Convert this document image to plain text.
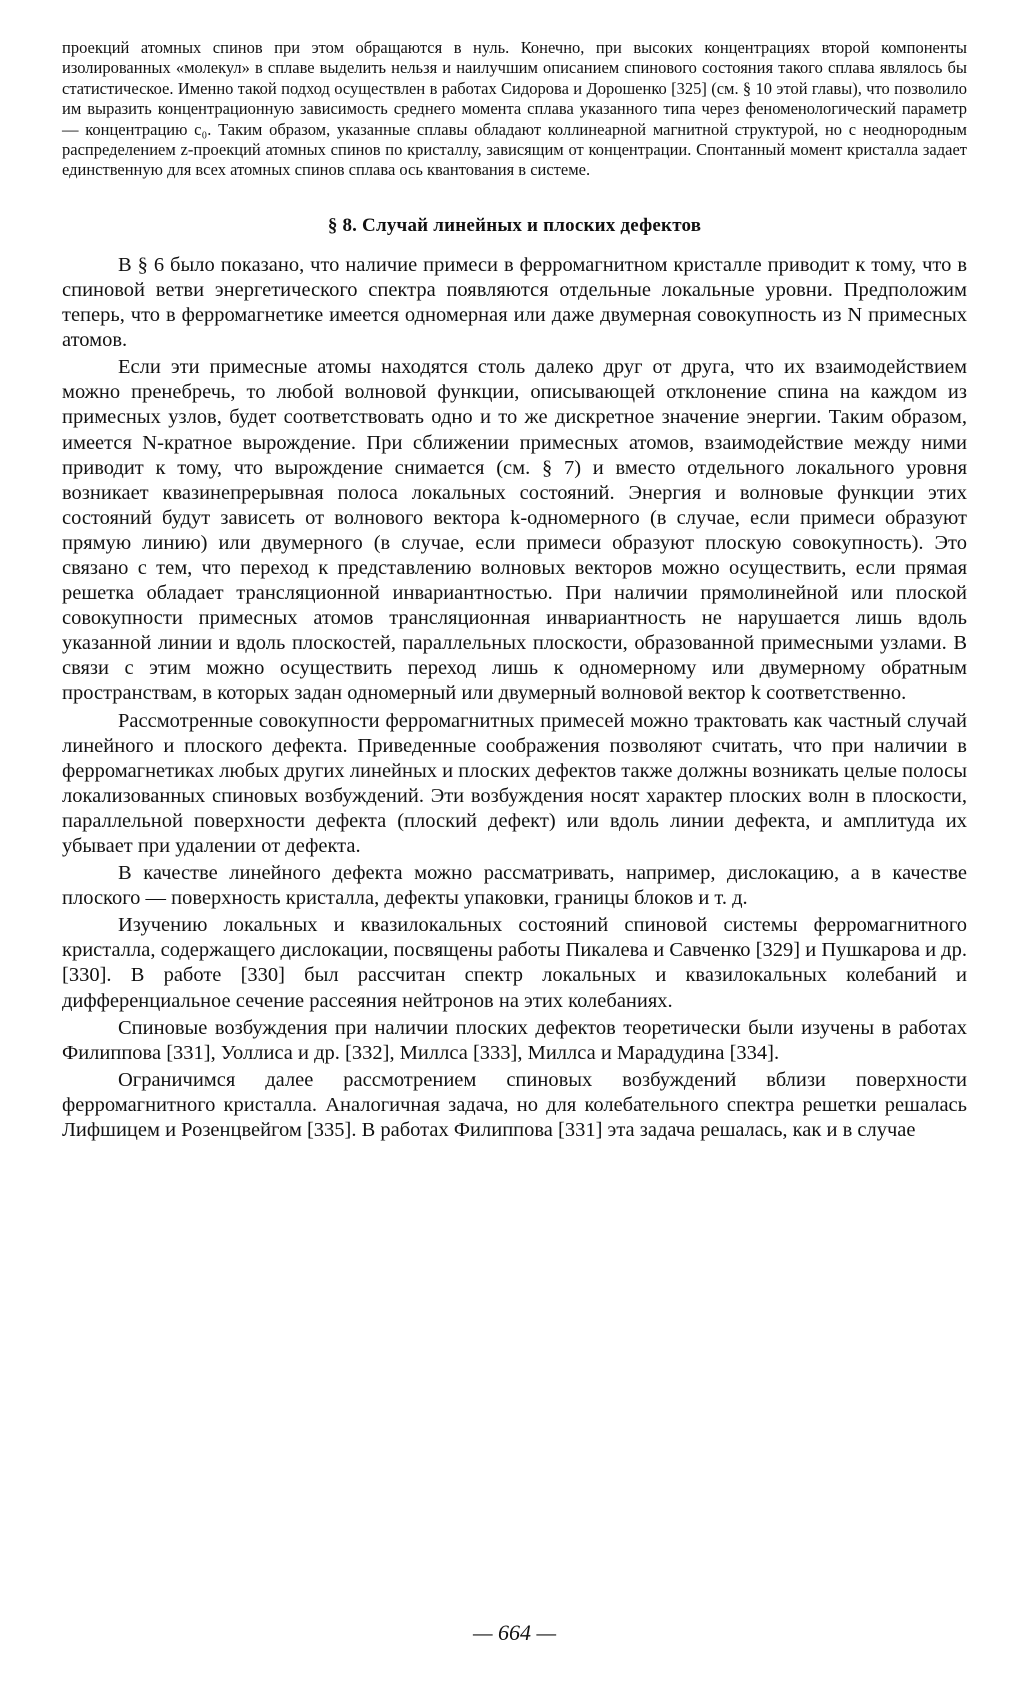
проекций атомных спинов при этом обращаются в нуль. Конечно, при высоких концентрациях второй компоненты изолированных «молекул» в сплаве выделить нельзя и наилучшим описанием спинового состояния такого сплава являлось бы статистическое. Именно такой подход осуществлен в работах Сидорова и Дорошенко [325] (см. § 10 этой главы), что позволило им выразить концентрационную зависимость среднего момента сплава указанного типа через феноменологический параметр — концентрацию c₀. Таким образом, указанные сплавы обладают коллинеарной магнитной структурой, но с неоднородным распределением z-проекций атомных спинов по кристаллу, зависящим от концентрации. Спонтанный момент кристалла задает единственную для всех атомных спинов сплава ось квантования в системе.

§ 8. Случай линейных и плоских дефектов

В § 6 было показано, что наличие примеси в ферромагнитном кристалле приводит к тому, что в спиновой ветви энергетического спектра появляются отдельные локальные уровни. Предположим теперь, что в ферромагнетике имеется одномерная или даже двумерная совокупность из N примесных атомов.

Если эти примесные атомы находятся столь далеко друг от друга, что их взаимодействием можно пренебречь, то любой волновой функции, описывающей отклонение спина на каждом из примесных узлов, будет соответствовать одно и то же дискретное значение энергии. Таким образом, имеется N-кратное вырождение. При сближении примесных атомов, взаимодействие между ними приводит к тому, что вырождение снимается (см. § 7) и вместо отдельного локального уровня возникает квазинепрерывная полоса локальных состояний. Энергия и волновые функции этих состояний будут зависеть от волнового вектора k-одномерного (в случае, если примеси образуют прямую линию) или двумерного (в случае, если примеси образуют плоскую совокупность). Это связано с тем, что переход к представлению волновых векторов можно осуществить, если прямая решетка обладает трансляционной инвариантностью. При наличии прямолинейной или плоской совокупности примесных атомов трансляционная инвариантность не нарушается лишь вдоль указанной линии и вдоль плоскостей, параллельных плоскости, образованной примесными узлами. В связи с этим можно осуществить переход лишь к одномерному или двумерному обратным пространствам, в которых задан одномерный или двумерный волновой вектор k соответственно.

Рассмотренные совокупности ферромагнитных примесей можно трактовать как частный случай линейного и плоского дефекта. Приведенные соображения позволяют считать, что при наличии в ферромагнетиках любых других линейных и плоских дефектов также должны возникать целые полосы локализованных спиновых возбуждений. Эти возбуждения носят характер плоских волн в плоскости, параллельной поверхности дефекта (плоский дефект) или вдоль линии дефекта, и амплитуда их убывает при удалении от дефекта.

В качестве линейного дефекта можно рассматривать, например, дислокацию, а в качестве плоского — поверхность кристалла, дефекты упаковки, границы блоков и т. д.

Изучению локальных и квазилокальных состояний спиновой системы ферромагнитного кристалла, содержащего дислокации, посвящены работы Пикалева и Савченко [329] и Пушкарова и др. [330]. В работе [330] был рассчитан спектр локальных и квазилокальных колебаний и дифференциальное сечение рассеяния нейтронов на этих колебаниях.

Спиновые возбуждения при наличии плоских дефектов теоретически были изучены в работах Филиппова [331], Уоллиса и др. [332], Миллса [333], Миллса и Марадудина [334].

Ограничимся далее рассмотрением спиновых возбуждений вблизи поверхности ферромагнитного кристалла. Аналогичная задача, но для колебательного спектра решетки решалась Лифшицем и Розенцвейгом [335]. В работах Филиппова [331] эта задача решалась, как и в случае

— 664 —
